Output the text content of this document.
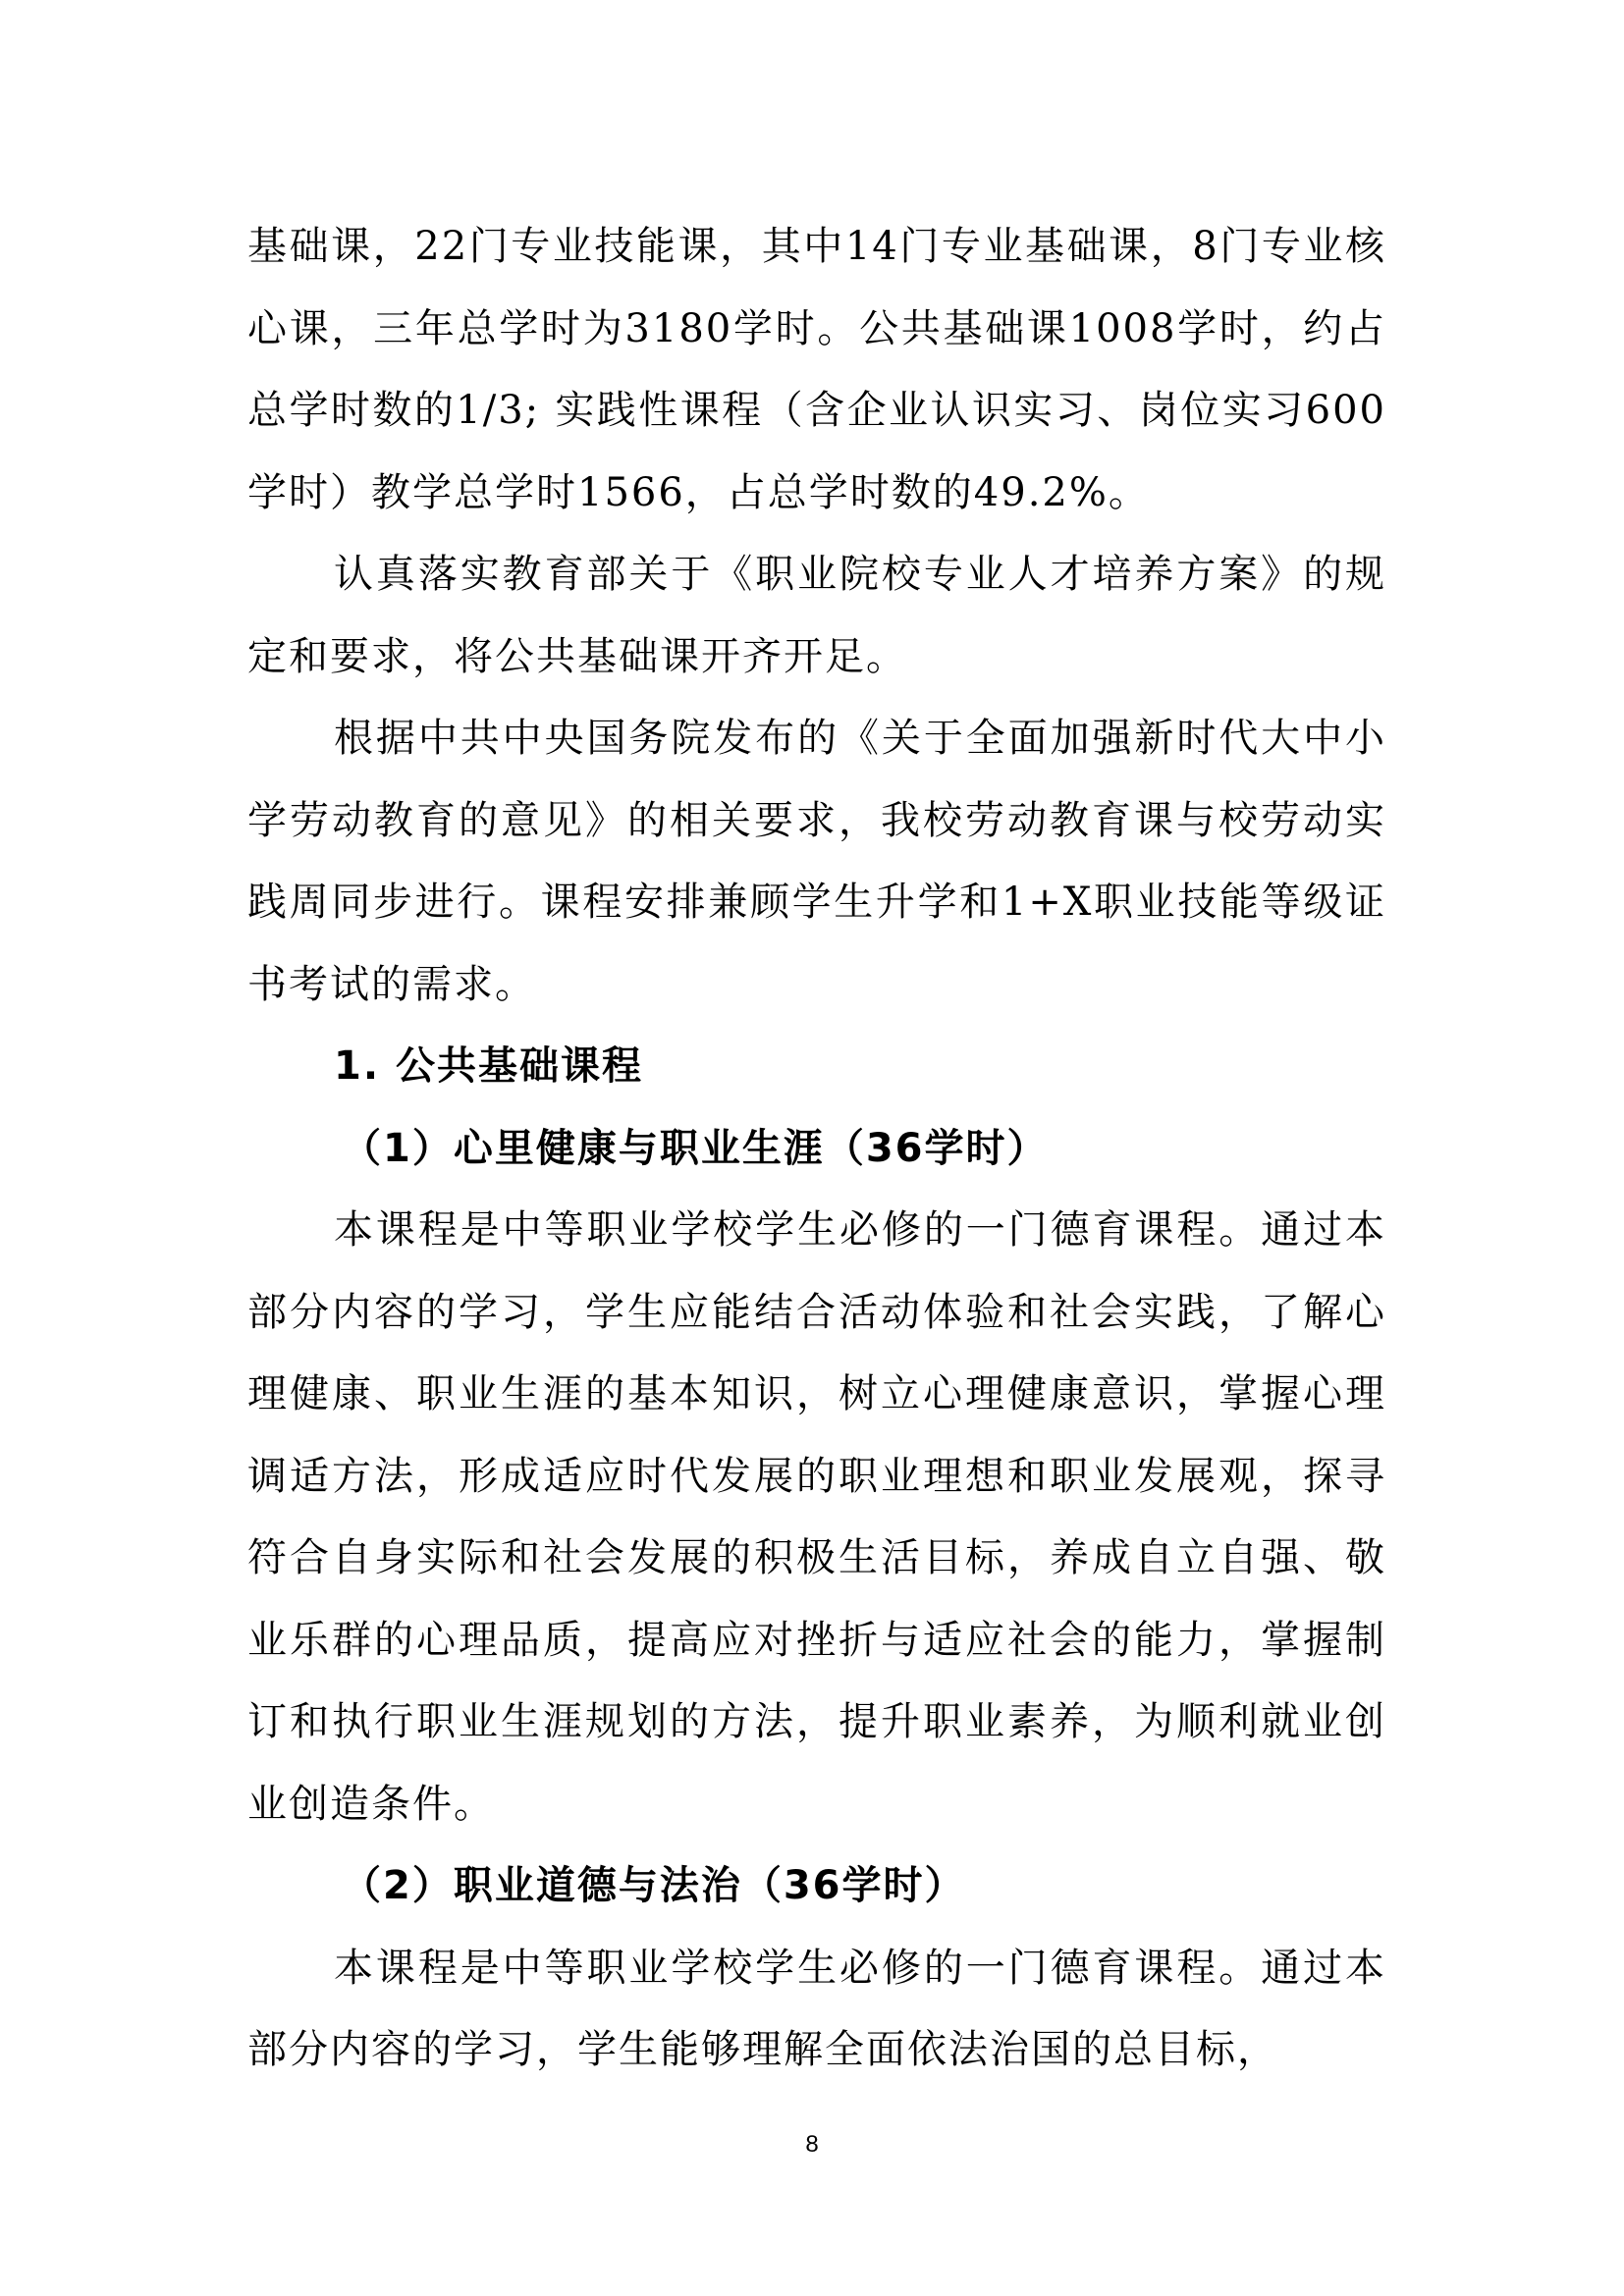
基础课，22门专业技能课，其中14门专业基础课，8门专业核心课，三年总学时为3180学时。公共基础课1008学时，约占总学时数的1/3; 实践性课程（含企业认识实习、岗位实习600学时）教学总学时1566，占总学时数的49.2%。

认真落实教育部关于《职业院校专业人才培养方案》的规定和要求，将公共基础课开齐开足。

根据中共中央国务院发布的《关于全面加强新时代大中小学劳动教育的意见》的相关要求，我校劳动教育课与校劳动实践周同步进行。课程安排兼顾学生升学和1+X职业技能等级证书考试的需求。

1. 公共基础课程
（1）心里健康与职业生涯（36学时）

本课程是中等职业学校学生必修的一门德育课程。通过本部分内容的学习，学生应能结合活动体验和社会实践，了解心理健康、职业生涯的基本知识，树立心理健康意识，掌握心理调适方法，形成适应时代发展的职业理想和职业发展观，探寻符合自身实际和社会发展的积极生活目标，养成自立自强、敬业乐群的心理品质，提高应对挫折与适应社会的能力，掌握制订和执行职业生涯规划的方法，提升职业素养，为顺利就业创业创造条件。

（2）职业道德与法治（36学时）

本课程是中等职业学校学生必修的一门德育课程。通过本部分内容的学习，学生能够理解全面依法治国的总目标，

8
